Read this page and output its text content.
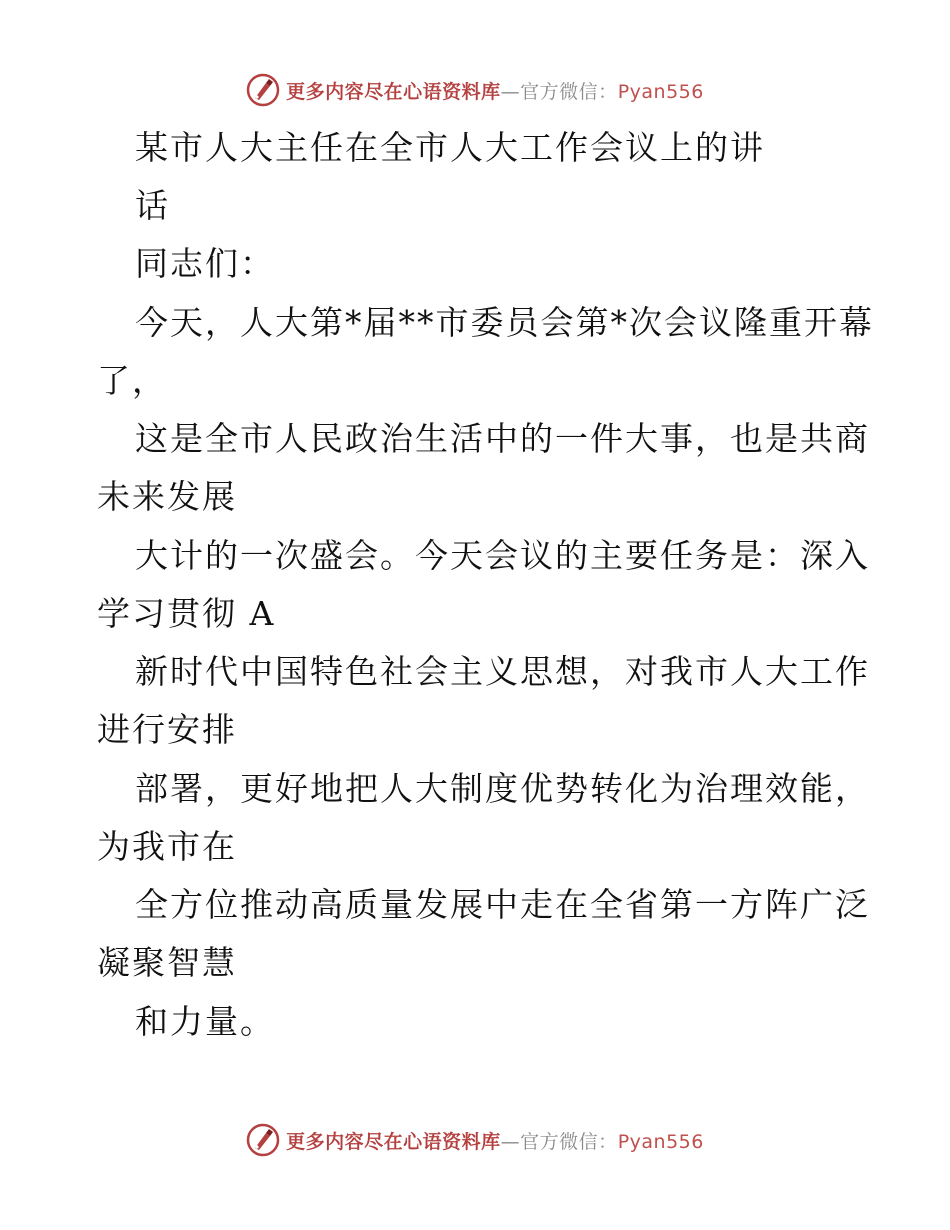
更多内容尽在心语资料库—官方微信：Pyan556
某市人大主任在全市人大工作会议上的讲
话
同志们：
今天，人大第*届**市委员会第*次会议隆重开幕
了，
这是全市人民政治生活中的一件大事，也是共商
未来发展
大计的一次盛会。今天会议的主要任务是：深入
学习贯彻 A
新时代中国特色社会主义思想，对我市人大工作
进行安排
部署，更好地把人大制度优势转化为治理效能，
为我市在
全方位推动高质量发展中走在全省第一方阵广泛
凝聚智慧
和力量。
更多内容尽在心语资料库—官方微信：Pyan556
